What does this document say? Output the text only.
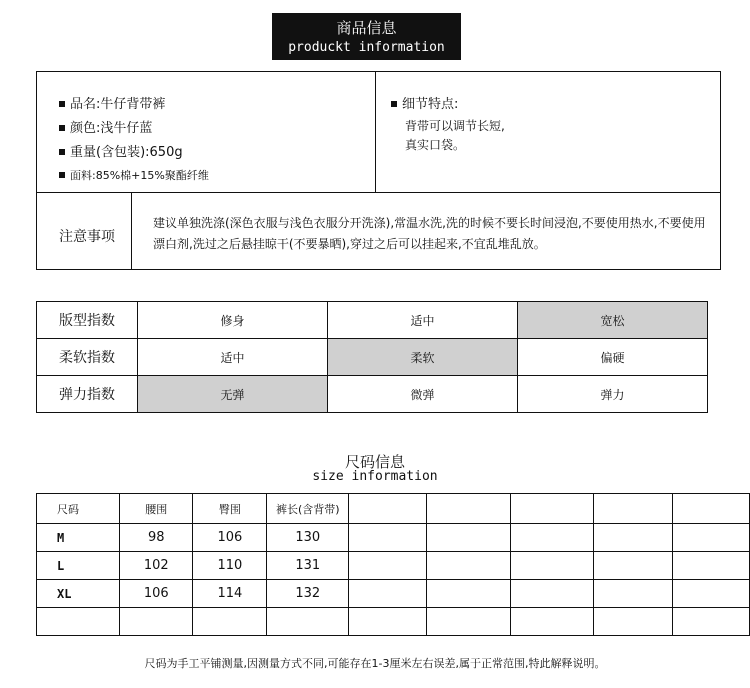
商品信息
produckt information
品名:牛仔背带裤
颜色:浅牛仔蓝
重量(含包装):650g
面料:85%棉+15%聚酯纤维
细节特点:
背带可以调节长短,
真实口袋。
注意事项
建议单独洗涤(深色衣服与浅色衣服分开洗涤),常温水洗,洗的时候不要长时间浸泡,不要使用热水,不要使用漂白剂,洗过之后悬挂晾干(不要暴晒),穿过之后可以挂起来,不宜乱堆乱放。
版型指数	修身	适中	宽松
柔软指数	适中	柔软	偏硬
弹力指数	无弹	微弹	弹力
尺码信息
size information
尺码	腰围	臀围	裤长(含背带)					
M	98	106	130					
L	102	110	131					
XL	106	114	132					

尺码为手工平铺测量,因测量方式不同,可能存在1-3厘米左右误差,属于正常范围,特此解释说明。
